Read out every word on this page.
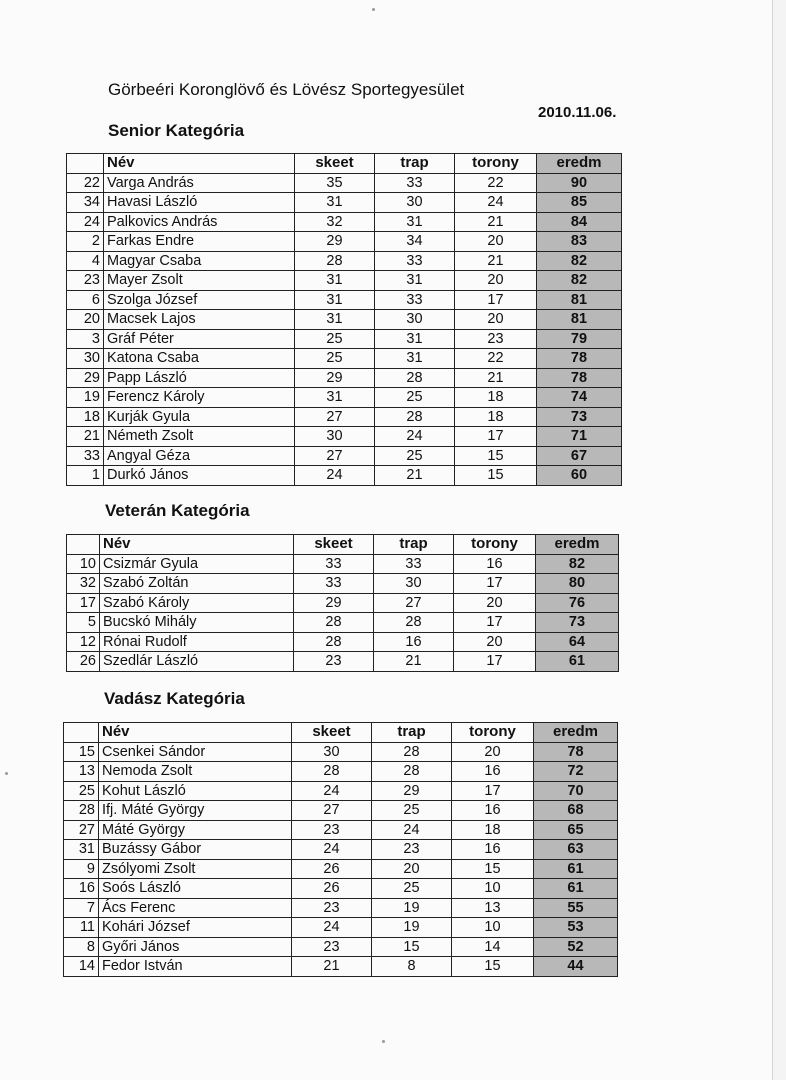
Görbeéri Koronglövő és Lövész Sportegyesület
2010.11.06.
Senior Kategória
	Név	skeet	trap	torony	eredm
22	Varga András	35	33	22	90
34	Havasi László	31	30	24	85
24	Palkovics András	32	31	21	84
2	Farkas Endre	29	34	20	83
4	Magyar Csaba	28	33	21	82
23	Mayer Zsolt	31	31	20	82
6	Szolga József	31	33	17	81
20	Macsek Lajos	31	30	20	81
3	Gráf Péter	25	31	23	79
30	Katona Csaba	25	31	22	78
29	Papp László	29	28	21	78
19	Ferencz Károly	31	25	18	74
18	Kurják Gyula	27	28	18	73
21	Németh Zsolt	30	24	17	71
33	Angyal Géza	27	25	15	67
1	Durkó János	24	21	15	60
Veterán Kategória
	Név	skeet	trap	torony	eredm
10	Csizmár Gyula	33	33	16	82
32	Szabó Zoltán	33	30	17	80
17	Szabó Károly	29	27	20	76
5	Bucskó Mihály	28	28	17	73
12	Rónai Rudolf	28	16	20	64
26	Szedlár László	23	21	17	61
Vadász Kategória
	Név	skeet	trap	torony	eredm
15	Csenkei Sándor	30	28	20	78
13	Nemoda Zsolt	28	28	16	72
25	Kohut László	24	29	17	70
28	Ifj. Máté György	27	25	16	68
27	Máté György	23	24	18	65
31	Buzássy Gábor	24	23	16	63
9	Zsólyomi Zsolt	26	20	15	61
16	Soós László	26	25	10	61
7	Ács Ferenc	23	19	13	55
11	Kohári József	24	19	10	53
8	Győri János	23	15	14	52
14	Fedor István	21	8	15	44
